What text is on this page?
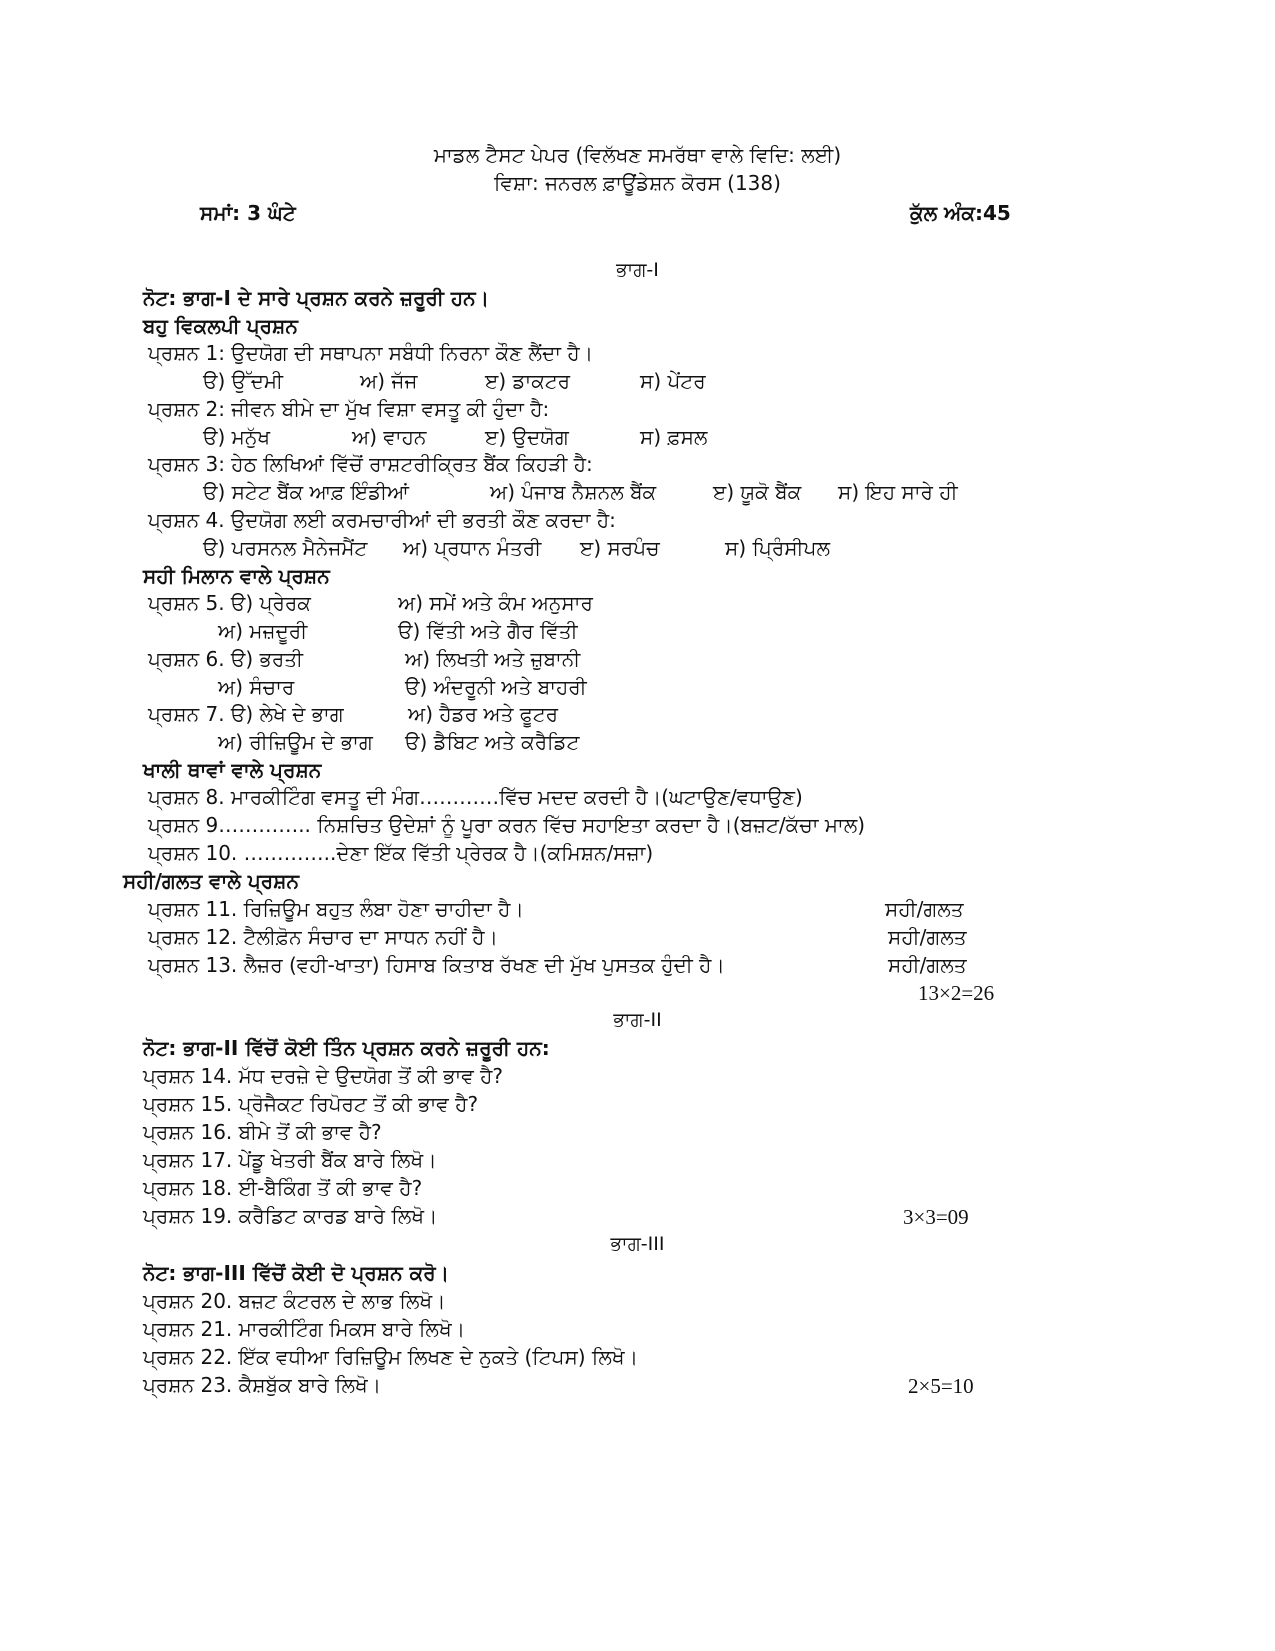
ਮਾਡਲ ਟੈਸਟ ਪੇਪਰ (ਵਿਲੱਖਣ ਸਮਰੱਥਾ ਵਾਲੇ ਵਿਦਿ: ਲਈ)
ਵਿਸ਼ਾ: ਜਨਰਲ ਫ਼ਾਊਂਡੇਸ਼ਨ ਕੋਰਸ (138)
ਸਮਾਂ: 3 ਘੰਟੇ	ਕੁੱਲ ਅੰਕ:45
ਭਾਗ-I
ਨੋਟ: ਭਾਗ-I ਦੇ ਸਾਰੇ ਪ੍ਰਸ਼ਨ ਕਰਨੇ ਜ਼ਰੂਰੀ ਹਨ।
ਬਹੁ ਵਿਕਲਪੀ ਪ੍ਰਸ਼ਨ
ਪ੍ਰਸ਼ਨ 1: ਉਦਯੋਗ ਦੀ ਸਥਾਪਨਾ ਸਬੰਧੀ ਨਿਰਨਾ ਕੌਣ ਲੈਂਦਾ ਹੈ।
ੳ) ਉੱਦਮੀ	ਅ) ਜੱਜ	ੲ) ਡਾਕਟਰ	ਸ) ਪੇਂਟਰ
ਪ੍ਰਸ਼ਨ 2: ਜੀਵਨ ਬੀਮੇ ਦਾ ਮੁੱਖ ਵਿਸ਼ਾ ਵਸਤੂ ਕੀ ਹੁੰਦਾ ਹੈ:
ੳ) ਮਨੁੱਖ	ਅ) ਵਾਹਨ	ੲ) ਉਦਯੋਗ	ਸ) ਫ਼ਸਲ
ਪ੍ਰਸ਼ਨ 3: ਹੇਠ ਲਿਖਿਆਂ ਵਿੱਚੋਂ ਰਾਸ਼ਟਰੀਕ੍ਰਿਤ ਬੈਂਕ ਕਿਹੜੀ ਹੈ:
ੳ) ਸਟੇਟ ਬੈਂਕ ਆਫ਼ ਇੰਡੀਆਂ	ਅ) ਪੰਜਾਬ ਨੈਸ਼ਨਲ ਬੈਂਕ	ੲ) ਯੂਕੋ ਬੈਂਕ ਸ) ਇਹ ਸਾਰੇ ਹੀ
ਪ੍ਰਸ਼ਨ 4. ਉਦਯੋਗ ਲਈ ਕਰਮਚਾਰੀਆਂ ਦੀ ਭਰਤੀ ਕੌਣ ਕਰਦਾ ਹੈ:
ੳ) ਪਰਸਨਲ ਮੈਨੇਜਮੈਂਟ ਅ) ਪ੍ਰਧਾਨ ਮੰਤਰੀ ੲ) ਸਰਪੰਚ	ਸ) ਪ੍ਰਿੰਸੀਪਲ
ਸਹੀ ਮਿਲਾਨ ਵਾਲੇ ਪ੍ਰਸ਼ਨ
ਪ੍ਰਸ਼ਨ 5. ੳ) ਪ੍ਰੇਰਕ	ਅ) ਸਮੇਂ ਅਤੇ ਕੰਮ ਅਨੁਸਾਰ
ਅ) ਮਜ਼ਦੂਰੀ	ੳ) ਵਿੱਤੀ ਅਤੇ ਗੈਰ ਵਿੱਤੀ
ਪ੍ਰਸ਼ਨ 6. ੳ) ਭਰਤੀ	ਅ) ਲਿਖਤੀ ਅਤੇ ਜ਼ੁਬਾਨੀ
ਅ) ਸੰਚਾਰ	ੳ) ਅੰਦਰੂਨੀ ਅਤੇ ਬਾਹਰੀ
ਪ੍ਰਸ਼ਨ 7. ੳ) ਲੇਖੇ ਦੇ ਭਾਗ	ਅ) ਹੈਡਰ ਅਤੇ ਫੂਟਰ
ਅ) ਰੀਜ਼ਿਊਮ ਦੇ ਭਾਗ ੳ) ਡੈਬਿਟ ਅਤੇ ਕਰੈਡਿਟ
ਖਾਲੀ ਥਾਵਾਂ ਵਾਲੇ ਪ੍ਰਸ਼ਨ
ਪ੍ਰਸ਼ਨ 8. ਮਾਰਕੀਟਿੰਗ ਵਸਤੂ ਦੀ ਮੰਗ…………ਵਿੱਚ ਮਦਦ ਕਰਦੀ ਹੈ।(ਘਟਾਉਣ/ਵਧਾਉਣ)
ਪ੍ਰਸ਼ਨ 9………….. ਨਿਸ਼ਚਿਤ ਉਦੇਸ਼ਾਂ ਨੂੰ ਪੂਰਾ ਕਰਨ ਵਿੱਚ ਸਹਾਇਤਾ ਕਰਦਾ ਹੈ।(ਬਜ਼ਟ/ਕੱਚਾ ਮਾਲ)
ਪ੍ਰਸ਼ਨ 10. …………..ਦੇਣਾ ਇੱਕ ਵਿੱਤੀ ਪ੍ਰੇਰਕ ਹੈ।(ਕਮਿਸ਼ਨ/ਸਜ਼ਾ)
ਸਹੀ/ਗਲਤ ਵਾਲੇ ਪ੍ਰਸ਼ਨ
ਪ੍ਰਸ਼ਨ 11. ਰਿਜ਼ਿਊਮ ਬਹੁਤ ਲੰਬਾ ਹੋਣਾ ਚਾਹੀਦਾ ਹੈ।	ਸਹੀ/ਗਲਤ
ਪ੍ਰਸ਼ਨ 12. ਟੈਲੀਫ਼ੋਨ ਸੰਚਾਰ ਦਾ ਸਾਧਨ ਨਹੀਂ ਹੈ।	ਸਹੀ/ਗਲਤ
ਪ੍ਰਸ਼ਨ 13. ਲੈਜ਼ਰ (ਵਹੀ-ਖਾਤਾ) ਹਿਸਾਬ ਕਿਤਾਬ ਰੱਖਣ ਦੀ ਮੁੱਖ ਪੁਸਤਕ ਹੁੰਦੀ ਹੈ।	ਸਹੀ/ਗਲਤ
13×2=26
ਭਾਗ-II
ਨੋਟ: ਭਾਗ-II ਵਿੱਚੋਂ ਕੋਈ ਤਿੰਨ ਪ੍ਰਸ਼ਨ ਕਰਨੇ ਜ਼ਰੂਰੀ ਹਨ:
ਪ੍ਰਸ਼ਨ 14. ਮੱਧ ਦਰਜ਼ੇ ਦੇ ਉਦਯੋਗ ਤੋਂ ਕੀ ਭਾਵ ਹੈ?
ਪ੍ਰਸ਼ਨ 15. ਪ੍ਰੋਜੈਕਟ ਰਿਪੋਰਟ ਤੋਂ ਕੀ ਭਾਵ ਹੈ?
ਪ੍ਰਸ਼ਨ 16. ਬੀਮੇ ਤੋਂ ਕੀ ਭਾਵ ਹੈ?
ਪ੍ਰਸ਼ਨ 17. ਪੇਂਡੂ ਖੇਤਰੀ ਬੈਂਕ ਬਾਰੇ ਲਿਖੋ।
ਪ੍ਰਸ਼ਨ 18. ਈ-ਬੈਕਿੰਗ ਤੋਂ ਕੀ ਭਾਵ ਹੈ?
ਪ੍ਰਸ਼ਨ 19. ਕਰੈਡਿਟ ਕਾਰਡ ਬਾਰੇ ਲਿਖੋ।	3×3=09
ਭਾਗ-III
ਨੋਟ: ਭਾਗ-III ਵਿੱਚੋਂ ਕੋਈ ਦੋ ਪ੍ਰਸ਼ਨ ਕਰੋ।
ਪ੍ਰਸ਼ਨ 20. ਬਜ਼ਟ ਕੰਟਰਲ ਦੇ ਲਾਭ ਲਿਖੋ।
ਪ੍ਰਸ਼ਨ 21. ਮਾਰਕੀਟਿੰਗ ਮਿਕਸ ਬਾਰੇ ਲਿਖੋ।
ਪ੍ਰਸ਼ਨ 22. ਇੱਕ ਵਧੀਆ ਰਿਜ਼ਿਊਮ ਲਿਖਣ ਦੇ ਨੁਕਤੇ (ਟਿਪਸ) ਲਿਖੋ।
ਪ੍ਰਸ਼ਨ 23. ਕੈਸ਼ਬੁੱਕ ਬਾਰੇ ਲਿਖੋ।	2×5=10
